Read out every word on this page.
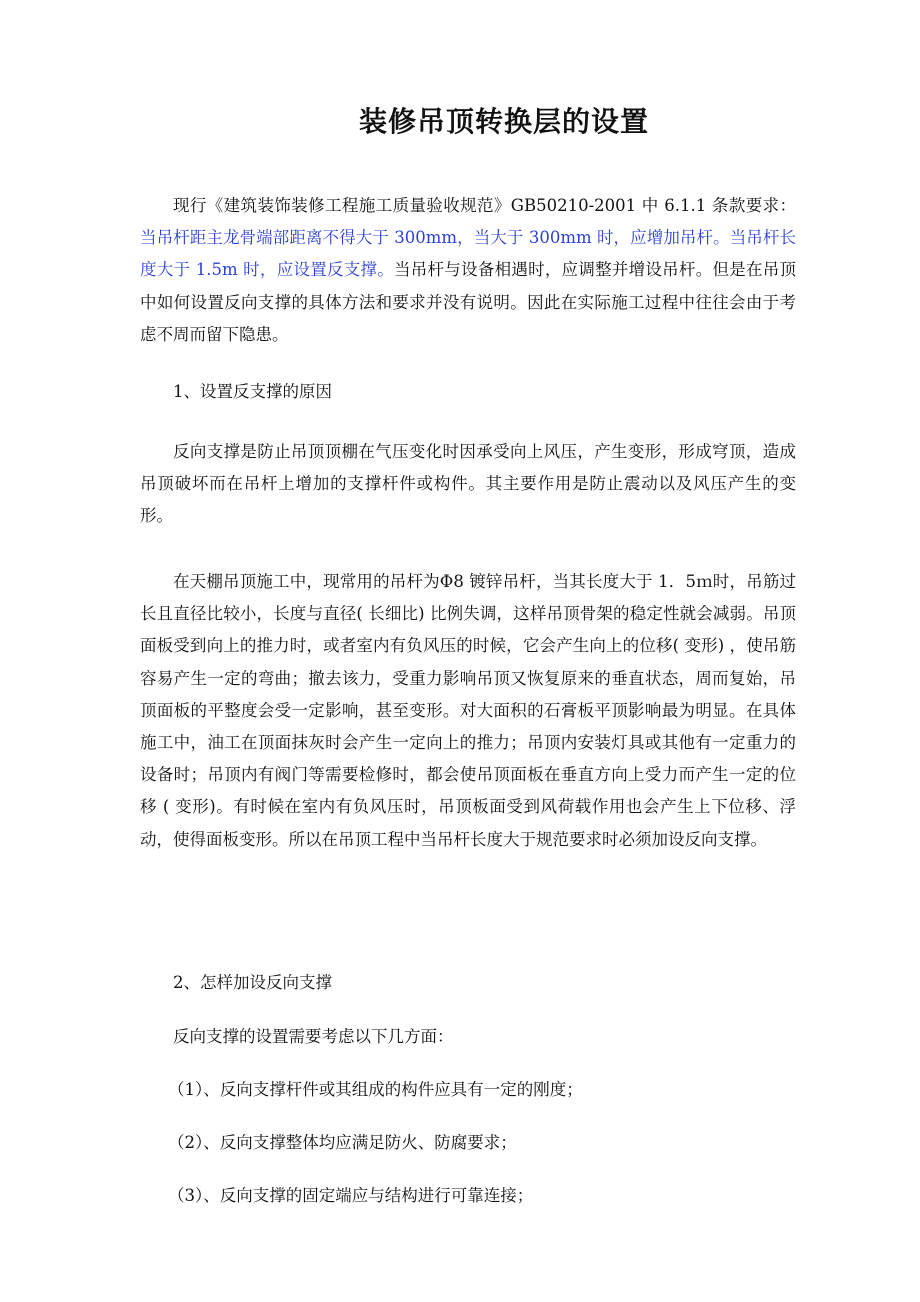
装修吊顶转换层的设置

现行《建筑装饰装修工程施工质量验收规范》GB50210-2001 中 6.1.1 条款要求：当吊杆距主龙骨端部距离不得大于 300mm，当大于 300mm 时，应增加吊杆。当吊杆长度大于 1.5m 时，应设置反支撑。当吊杆与设备相遇时，应调整并增设吊杆。但是在吊顶中如何设置反向支撑的具体方法和要求并没有说明。因此在实际施工过程中往往会由于考虑不周而留下隐患。

1、设置反支撑的原因

反向支撑是防止吊顶顶棚在气压变化时因承受向上风压，产生变形，形成穹顶，造成吊顶破坏而在吊杆上增加的支撑杆件或构件。其主要作用是防止震动以及风压产生的变形。

在天棚吊顶施工中，现常用的吊杆为Φ8 镀锌吊杆，当其长度大于 1．5ｍ时，吊筋过长且直径比较小，长度与直径( 长细比) 比例失调，这样吊顶骨架的稳定性就会减弱。吊顶面板受到向上的推力时，或者室内有负风压的时候，它会产生向上的位移( 变形) ，使吊筋容易产生一定的弯曲；撤去该力，受重力影响吊顶又恢复原来的垂直状态，周而复始，吊顶面板的平整度会受一定影响，甚至变形。对大面积的石膏板平顶影响最为明显。在具体施工中，油工在顶面抹灰时会产生一定向上的推力；吊顶内安装灯具或其他有一定重力的设备时；吊顶内有阀门等需要检修时，都会使吊顶面板在垂直方向上受力而产生一定的位移 ( 变形)。有时候在室内有负风压时，吊顶板面受到风荷载作用也会产生上下位移、浮动，使得面板变形。所以在吊顶工程中当吊杆长度大于规范要求时必须加设反向支撑。

2、怎样加设反向支撑
反向支撑的设置需要考虑以下几方面：
（1）、反向支撑杆件或其组成的构件应具有一定的刚度；
（2）、反向支撑整体均应满足防火、防腐要求；
（3）、反向支撑的固定端应与结构进行可靠连接；
